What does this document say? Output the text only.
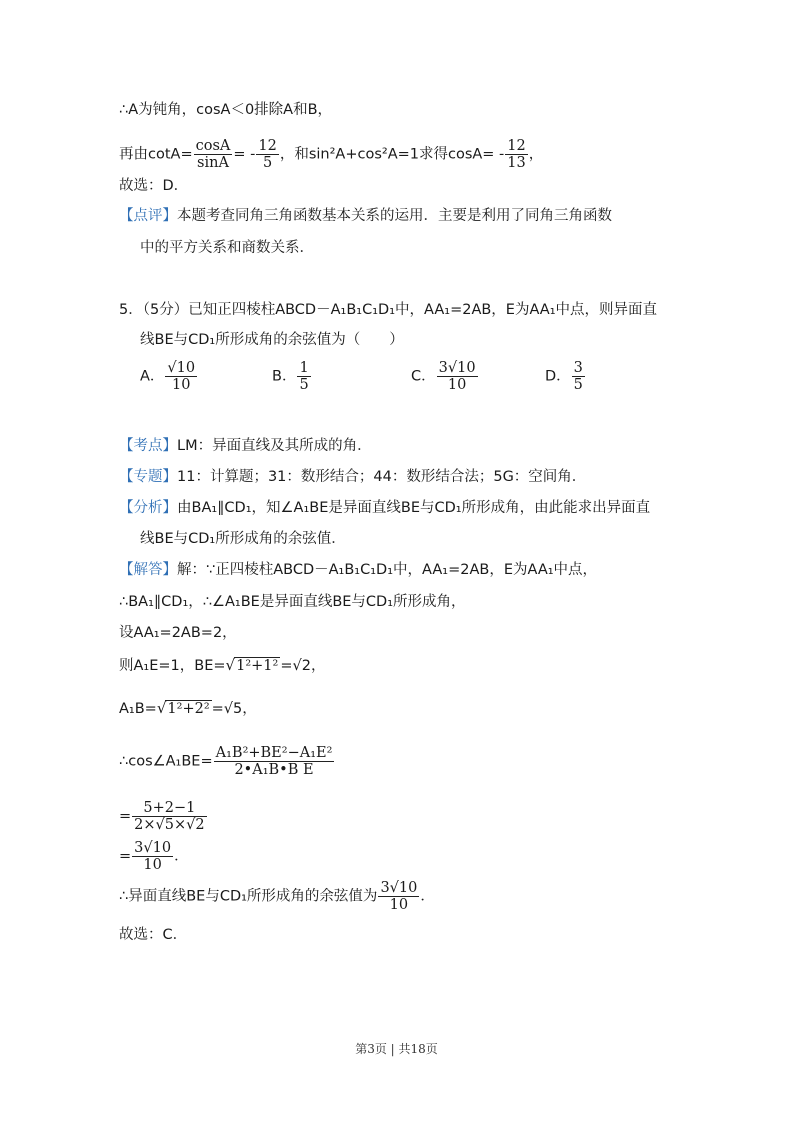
∴A为钝角，cosA＜0排除A和B，
再由$\cot A= \frac{\cos A}{\sin A}$ = - $\frac{12}{5}$ ，和sin²A+cos²A=1求得$\cos A= - \frac{12}{13}$ ，
故选：D．
【点评】本题考查同角三角函数基本关系的运用．主要是利用了同角三角函数
中的平方关系和商数关系．
5．（5分）已知正四棱柱ABCD－A₁B₁C₁D₁中，AA₁=2AB，E为AA₁中点，则异面直
线BE与CD₁所形成角的余弦值为（　　）
A． $\frac{√10}{10}$	B． $\frac{1}{5}$	C． $\frac{3√10}{10}$	D． $\frac{3}{5}$
【考点】LM：异面直线及其所成的角．
【专题】11：计算题；31：数形结合；44：数形结合法；5G：空间角．
【分析】由BA₁∥CD₁，知∠A₁BE是异面直线BE与CD₁所形成角，由此能求出异面直
线BE与CD₁所形成角的余弦值．
【解答】解：∵正四棱柱ABCD－A₁B₁C₁D₁中，AA₁=2AB，E为AA₁中点，
∴BA₁∥CD₁，∴∠A₁BE是异面直线BE与CD₁所形成角，
设AA₁=2AB=2，
则A₁E=1，BE=√1²+1² =√2，
A₁B=√1²+2² =√5，
∴cos∠A₁BE= $\frac{\text{A₁B²+BE²−A₁E²}}{\text{2•A₁B•B E}}$
= $\frac{5+2-1}{2\times√5\times√2}$
= $\frac{3√10}{10}$ ．
∴异面直线BE与CD₁所形成角的余弦值为 $\frac{3√10}{10}$ ．
故选：C．
第3页 | 共18页
